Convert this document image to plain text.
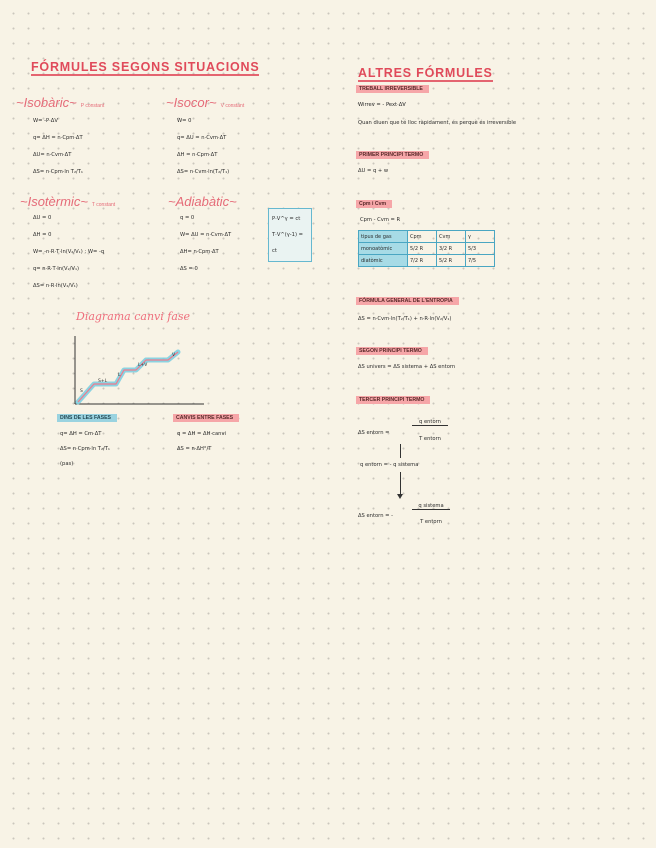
FÓRMULES SEGONS SITUACIONS
~Isobàric~ P constant
W= -P·ΔV
q= ΔH = n·Cpm·ΔT
ΔU= n·Cvm·ΔT
ΔS= n·Cpm·ln T₂/T₁
~Isocor~ V constant
W= 0
q= ΔU = n·Cvm·ΔT
ΔH = n·Cpm·ΔT
ΔS= n·Cvm·ln(T₂/T₁)
~Isotèrmic~ T constant
ΔU = 0
ΔH = 0
W= -n·R·T·ln(V₂/V₁) ; W= -q
q= n·R·T·ln(V₂/V₁)
ΔS= n·R·ln(V₂/V₁)
~Adiabàtic~
q = 0
W= ΔU = n·Cvm·ΔT
ΔH= n·Cpm·ΔT
ΔS = 0
P·V^γ = ct
T·V^(γ-1) = ct
Diagrama canvi fase
S
S+L
L
L+V
V
DINS DE LES FASES
q= ΔH = Cm·ΔT
ΔS= n·Cpm·ln T₂/T₁
(pas)
CANVIS ENTRE FASES
q = ΔH = ΔH·canvi
ΔS = n·ΔH°/T
ALTRES FÓRMULES
TREBALL IRREVERSIBLE
Wirrev = - Pext·ΔV
Quan diuen que té lloc ràpidament, és perquè és irreversible
PRIMER PRINCIPI TERMO
ΔU = q + w
Cpm i Cvm
Cpm - Cvm = R
tipus de gas	Cpm	Cvm	γ
monoatòmic	5/2 R	3/2 R	5/3
diatòmic	7/2 R	5/2 R	7/5
FÓRMULA GENERAL DE L'ENTROPIA
ΔS = n·Cvm·ln(T₂/T₁) + n·R·ln(V₂/V₁)
SEGON PRINCIPI TERMO
ΔS univers = ΔS sistema + ΔS entorn
TERCER PRINCIPI TERMO
ΔS entorn =
q entorn
T entorn
q entorn = - q sistema
ΔS entorn = -
q sistema
T entorn
